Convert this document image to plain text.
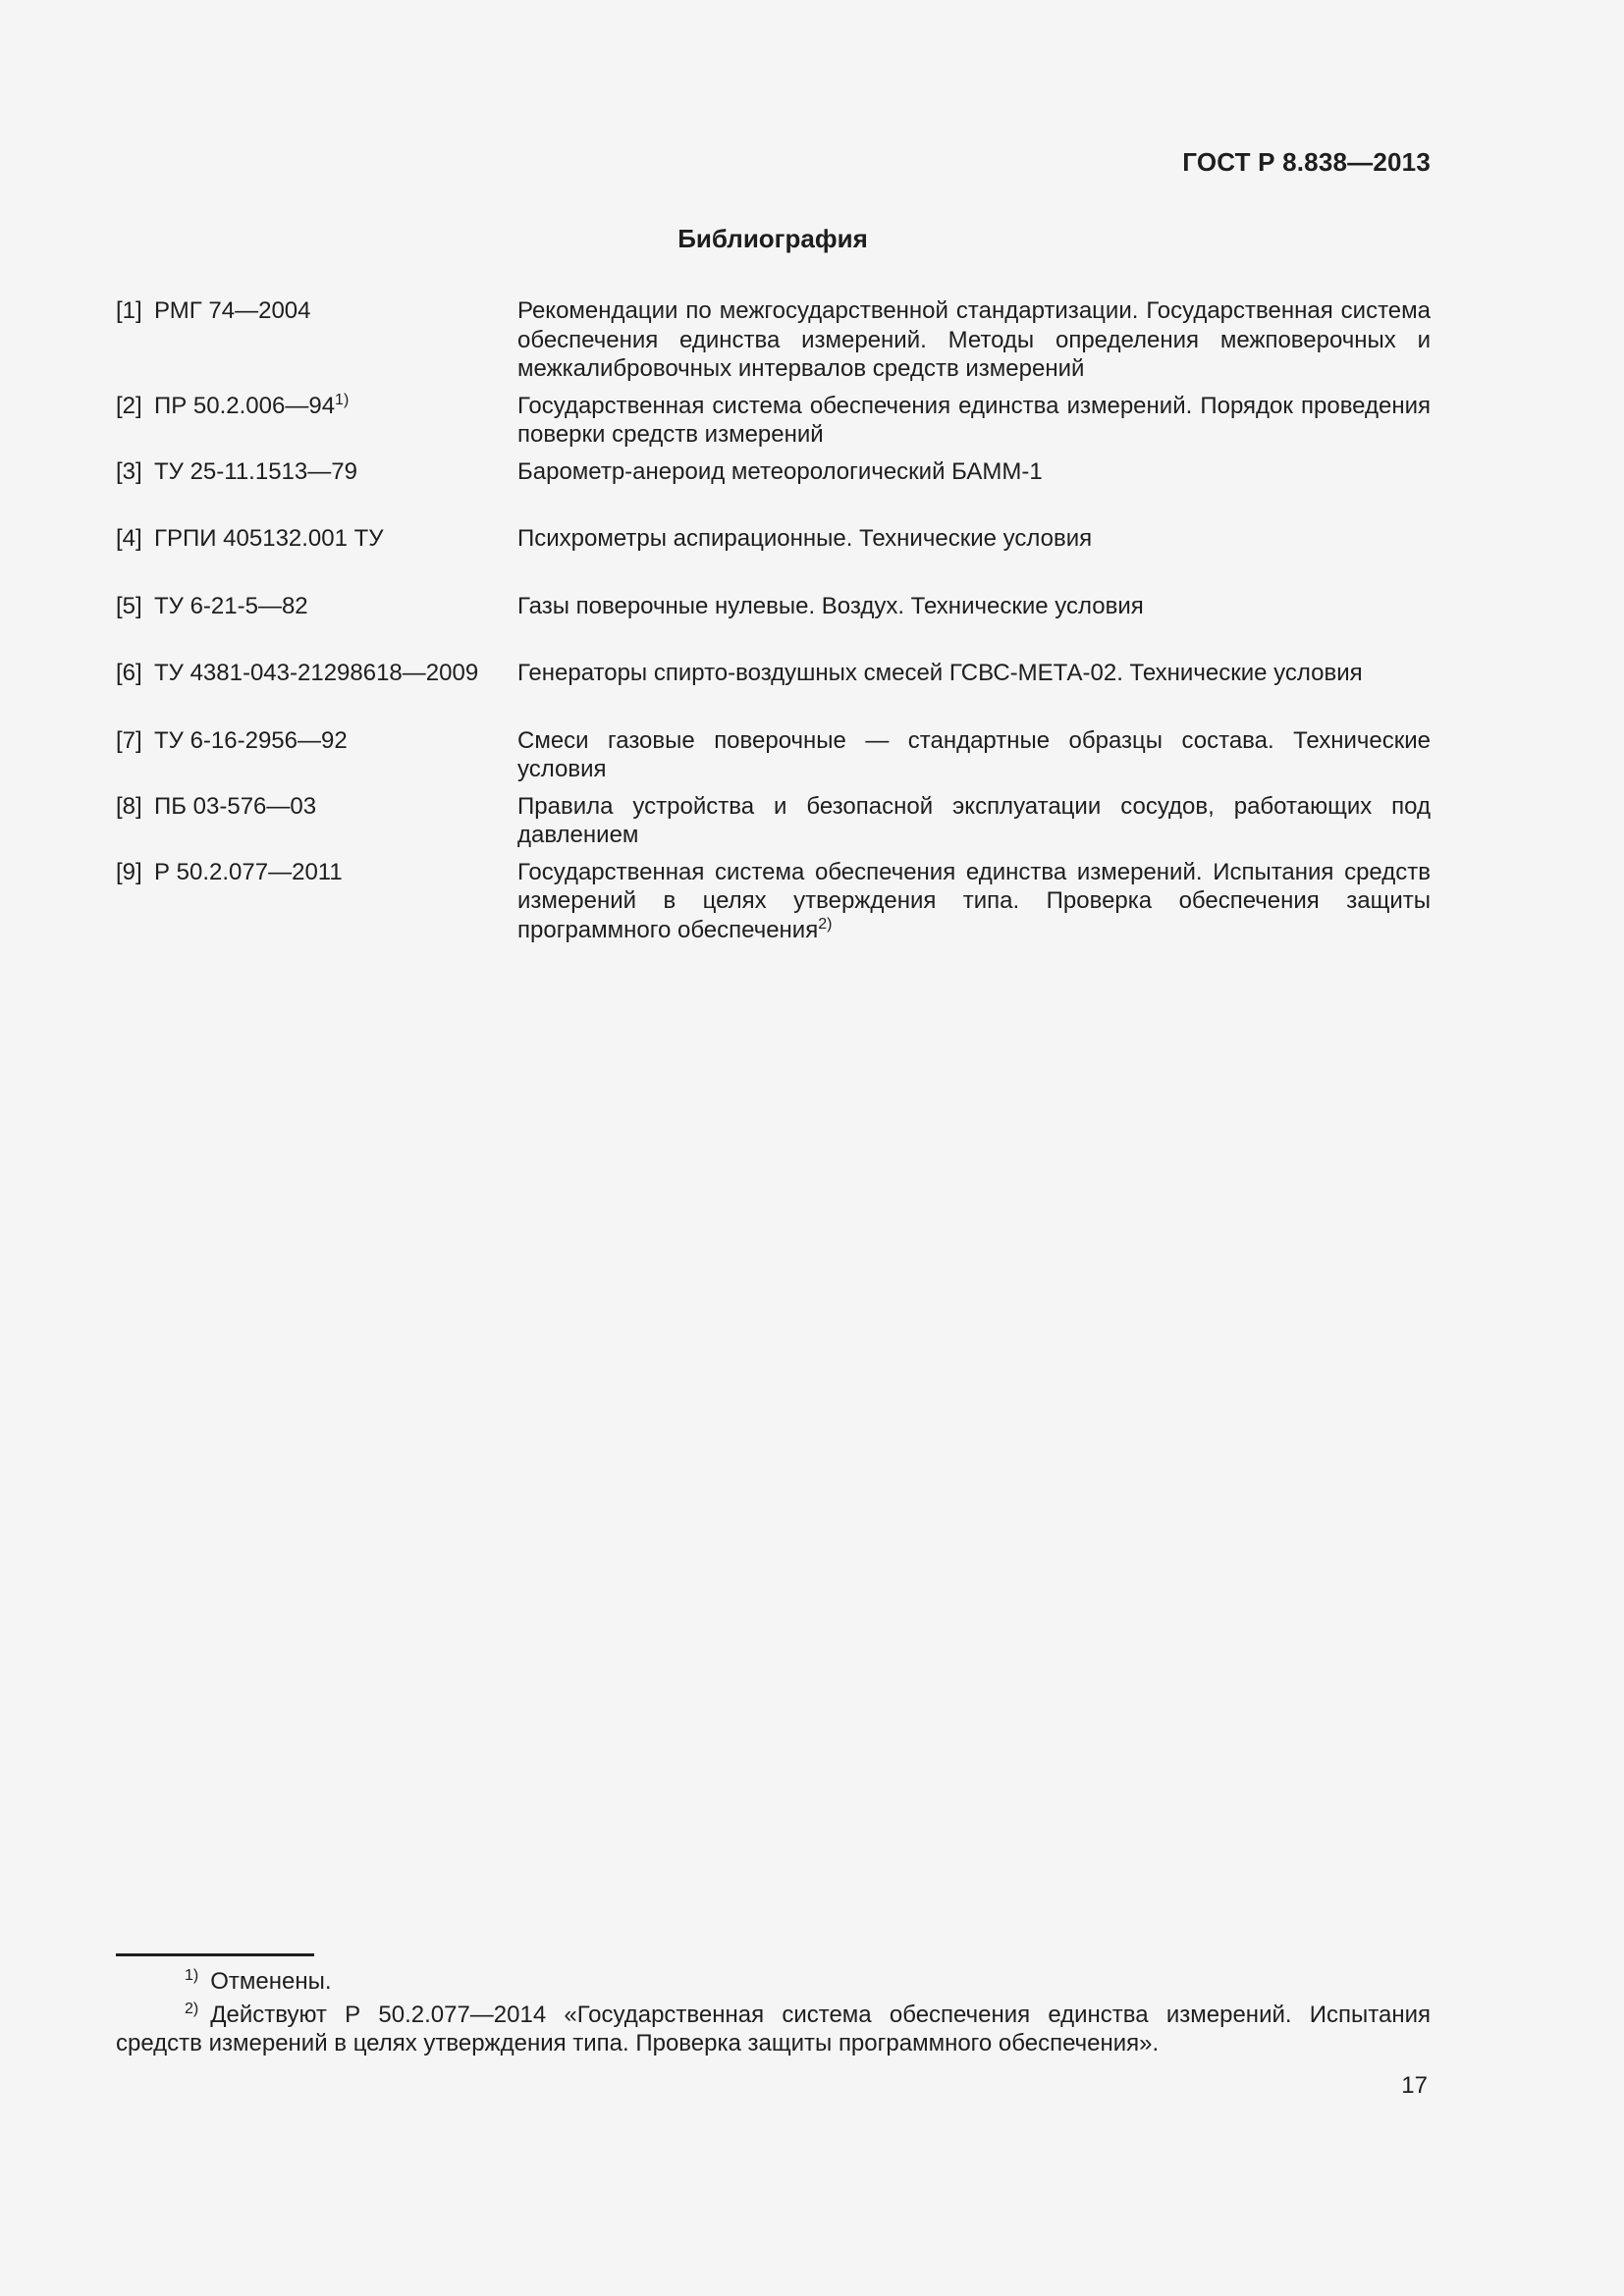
ГОСТ Р 8.838—2013
Библиография
[1] РМГ 74—2004	Рекомендации по межгосударственной стандартизации. Государственная система обеспечения единства измерений. Методы определения межповерочных и межкалибровочных интервалов средств измерений
[2] ПР 50.2.006—94$^{1)}$	Государственная система обеспечения единства измерений. Порядок проведения поверки средств измерений
[3] ТУ 25-11.1513—79	Барометр-анероид метеорологический БАММ-1
[4] ГРПИ 405132.001 ТУ	Психрометры аспирационные. Технические условия
[5] ТУ 6-21-5—82	Газы поверочные нулевые. Воздух. Технические условия
[6] ТУ 4381-043-21298618—2009	Генераторы спирто-воздушных смесей ГСВС-МЕТА-02. Технические условия
[7] ТУ 6-16-2956—92	Смеси газовые поверочные — стандартные образцы состава. Технические условия
[8] ПБ 03-576—03	Правила устройства и безопасной эксплуатации сосудов, работающих под давлением
[9] Р 50.2.077—2011	Государственная система обеспечения единства измерений. Испытания средств измерений в целях утверждения типа. Проверка обеспечения защиты программного обеспечения$^{2)}$
$^{1)}$ Отменены.
$^{2)}$ Действуют Р 50.2.077—2014 «Государственная система обеспечения единства измерений. Испытания средств измерений в целях утверждения типа. Проверка защиты программного обеспечения».
17
